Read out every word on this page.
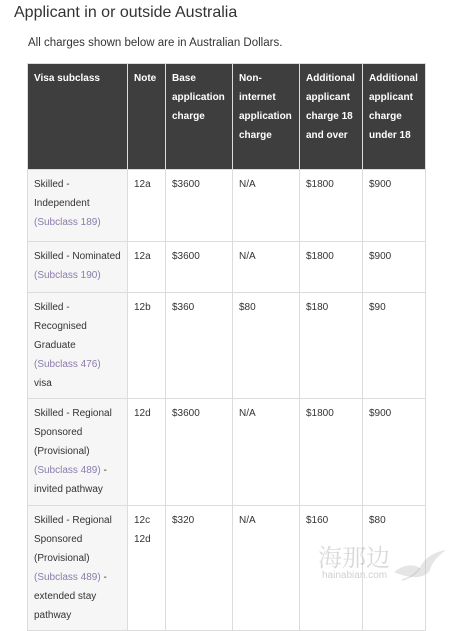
Applicant in or outside Australia

All charges shown below are in Australian Dollars.

Visa subclass	Note	Base application charge	Non-internet application charge	Additional applicant charge 18 and over	Additional applicant charge under 18
Skilled - Independent (Subclass 189)	12a	$3600	N/A	$1800	$900
Skilled - Nominated (Subclass 190)	12a	$3600	N/A	$1800	$900
Skilled - Recognised Graduate (Subclass 476) visa	12b	$360	$80	$180	$90
Skilled - Regional Sponsored (Provisional) (Subclass 489) - invited pathway	12d	$3600	N/A	$1800	$900
Skilled - Regional Sponsored (Provisional) (Subclass 489) - extended stay pathway	12c 12d	$320	N/A	$160	$80
海那边
hainabian.com
